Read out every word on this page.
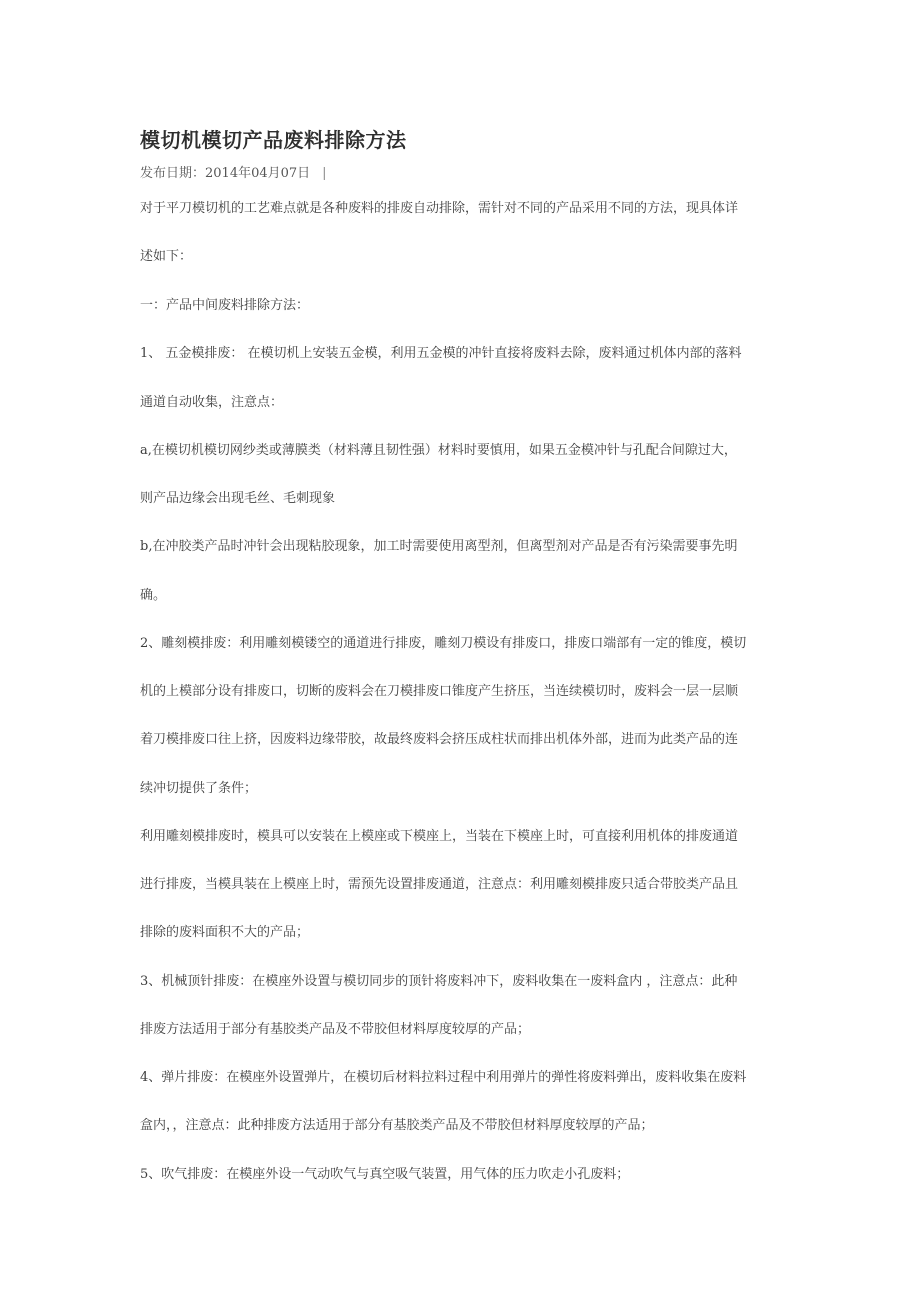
模切机模切产品废料排除方法
发布日期：2014年04月07日 |
对于平刀模切机的工艺难点就是各种废料的排废自动排除，需针对不同的产品采用不同的方法，现具体详
述如下：
一：产品中间废料排除方法：
1、 五金模排废： 在模切机上安装五金模，利用五金模的冲针直接将废料去除，废料通过机体内部的落料
通道自动收集，注意点：
a,在模切机模切网纱类或薄膜类（材料薄且韧性强）材料时要慎用，如果五金模冲针与孔配合间隙过大，
则产品边缘会出现毛丝、毛刺现象
b,在冲胶类产品时冲针会出现粘胶现象，加工时需要使用离型剂，但离型剂对产品是否有污染需要事先明
确。
2、雕刻模排废：利用雕刻模镂空的通道进行排废，雕刻刀模设有排废口，排废口端部有一定的锥度，模切
机的上模部分设有排废口，切断的废料会在刀模排废口锥度产生挤压，当连续模切时，废料会一层一层顺
着刀模排废口往上挤，因废料边缘带胶，故最终废料会挤压成柱状而排出机体外部，进而为此类产品的连
续冲切提供了条件；
利用雕刻模排废时，模具可以安装在上模座或下模座上，当装在下模座上时，可直接利用机体的排废通道
进行排废，当模具装在上模座上时，需预先设置排废通道，注意点：利用雕刻模排废只适合带胶类产品且
排除的废料面积不大的产品；
3、机械顶针排废：在模座外设置与模切同步的顶针将废料冲下，废料收集在一废料盒内 ，注意点：此种
排废方法适用于部分有基胶类产品及不带胶但材料厚度较厚的产品；
4、弹片排废：在模座外设置弹片，在模切后材料拉料过程中利用弹片的弹性将废料弹出，废料收集在废料
盒内，，注意点：此种排废方法适用于部分有基胶类产品及不带胶但材料厚度较厚的产品；
5、吹气排废：在模座外设一气动吹气与真空吸气装置，用气体的压力吹走小孔废料；
